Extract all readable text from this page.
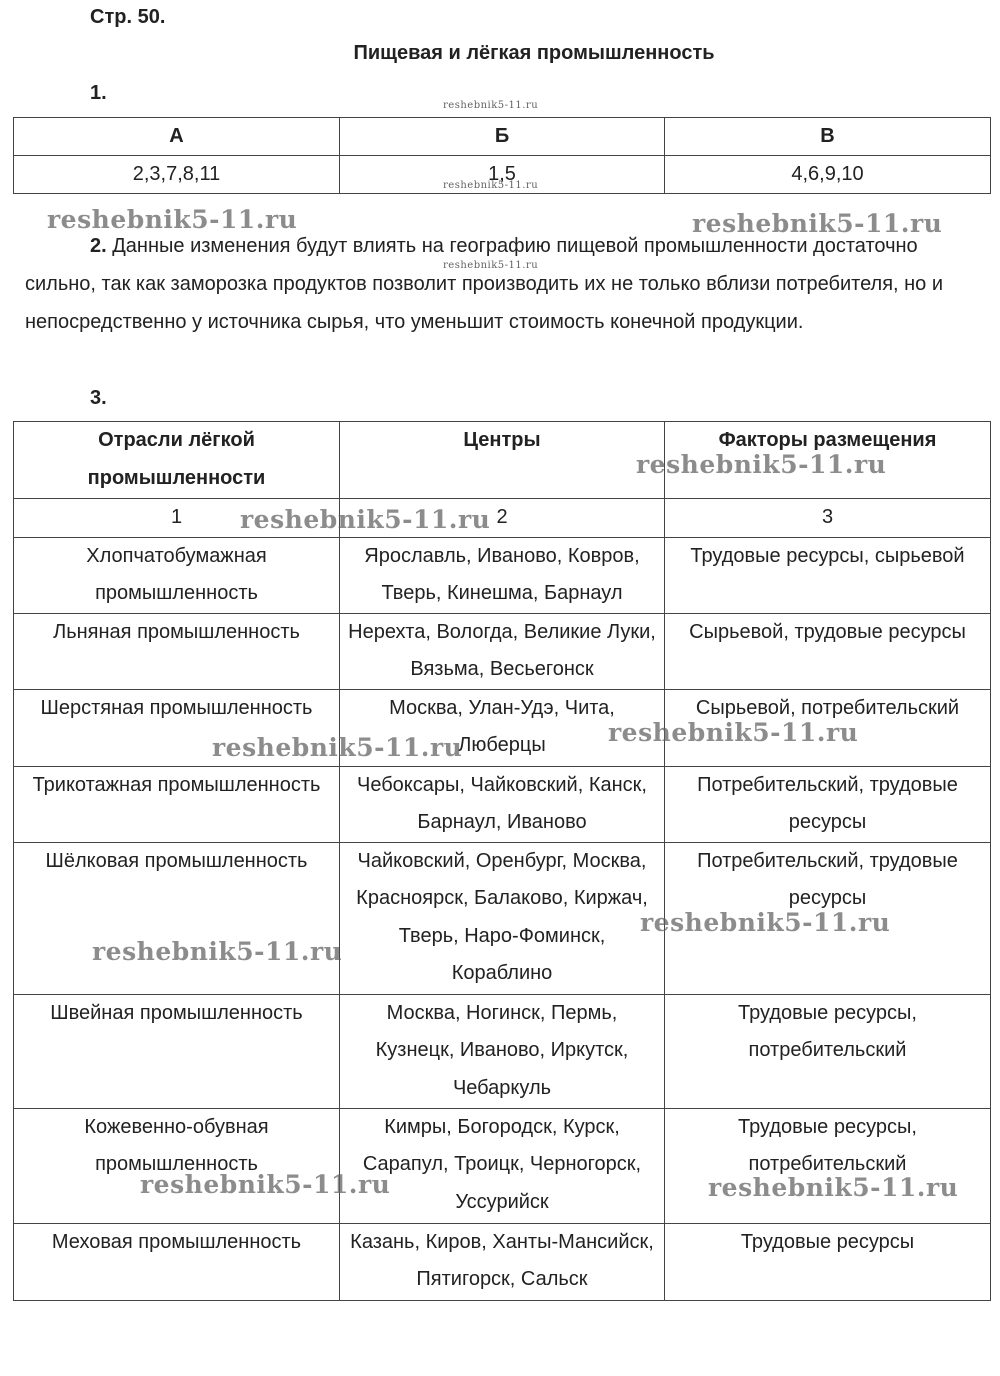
Стр. 50.
Пищевая и лёгкая промышленность
1.
А	Б	В
2,3,7,8,11	1,5	4,6,9,10
2. Данные изменения будут влиять на географию пищевой промышленности достаточно сильно, так как заморозка продуктов позволит производить их не только вблизи потребителя, но и непосредственно у источника сырья, что уменьшит стоимость конечной продукции.
3.
Отрасли лёгкой промышленности	Центры	Факторы размещения
1	2	3
Хлопчатобумажная промышленность	Ярославль, Иваново, Ковров, Тверь, Кинешма, Барнаул	Трудовые ресурсы, сырьевой
Льняная промышленность	Нерехта, Вологда, Великие Луки, Вязьма, Весьегонск	Сырьевой, трудовые ресурсы
Шерстяная промышленность	Москва, Улан-Удэ, Чита, Люберцы	Сырьевой, потребительский
Трикотажная промышленность	Чебоксары, Чайковский, Канск, Барнаул, Иваново	Потребительский, трудовые ресурсы
Шёлковая промышленность	Чайковский, Оренбург, Москва, Красноярск, Балаково, Киржач, Тверь, Наро-Фоминск, Кораблино	Потребительский, трудовые ресурсы
Швейная промышленность	Москва, Ногинск, Пермь, Кузнецк, Иваново, Иркутск, Чебаркуль	Трудовые ресурсы, потребительский
Кожевенно-обувная промышленность	Кимры, Богородск, Курск, Сарапул, Троицк, Черногорск, Уссурийск	Трудовые ресурсы, потребительский
Меховая промышленность	Казань, Киров, Ханты-Мансийск, Пятигорск, Сальск	Трудовые ресурсы
reshebnik5-11.ru
reshebnik5-11.ru
reshebnik5-11.ru
reshebnik5-11.ru	reshebnik5-11.ru
reshebnik5-11.ru
reshebnik5-11.ru
reshebnik5-11.ru
reshebnik5-11.ru
reshebnik5-11.ru
reshebnik5-11.ru
reshebnik5-11.ru	reshebnik5-11.ru
